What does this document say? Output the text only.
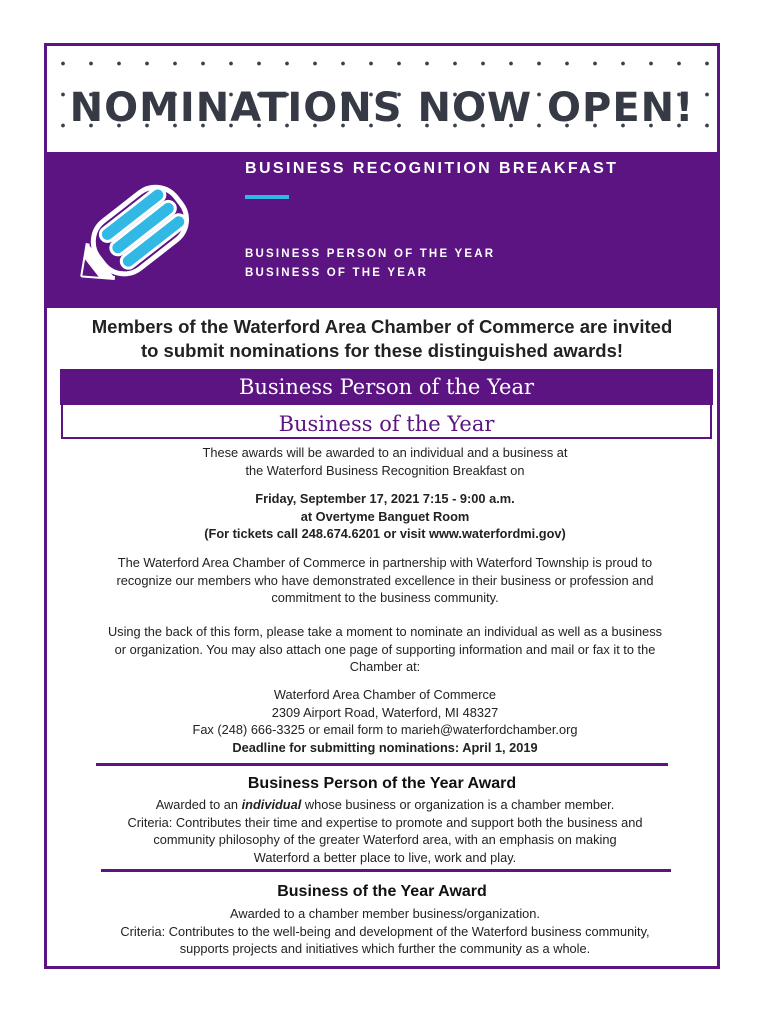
NOMINATIONS NOW OPEN!
BUSINESS RECOGNITION BREAKFAST
BUSINESS PERSON OF THE YEAR
BUSINESS OF THE YEAR

Members of the Waterford Area Chamber of Commerce are invited
to submit nominations for these distinguished awards!

Business Person of the Year
Business of the Year

These awards will be awarded to an individual and a business at
the Waterford Business Recognition Breakfast on

Friday, September 17, 2021 7:15 - 9:00 a.m.
at Overtyme Banguet Room
(For tickets call 248.674.6201 or visit www.waterfordmi.gov)

The Waterford Area Chamber of Commerce in partnership with Waterford Township is proud to
recognize our members who have demonstrated excellence in their business or profession and
commitment to the business community.

Using the back of this form, please take a moment to nominate an individual as well as a business
or organization. You may also attach one page of supporting information and mail or fax it to the
Chamber at:

Waterford Area Chamber of Commerce
2309 Airport Road, Waterford, MI 48327
Fax (248) 666-3325 or email form to marieh@waterfordchamber.org
Deadline for submitting nominations: April 1, 2019

Business Person of the Year Award

Awarded to an individual whose business or organization is a chamber member.
Criteria: Contributes their time and expertise to promote and support both the business and
community philosophy of the greater Waterford area, with an emphasis on making
Waterford a better place to live, work and play.

Business of the Year Award

Awarded to a chamber member business/organization.
Criteria: Contributes to the well-being and development of the Waterford business community,
supports projects and initiatives which further the community as a whole.
